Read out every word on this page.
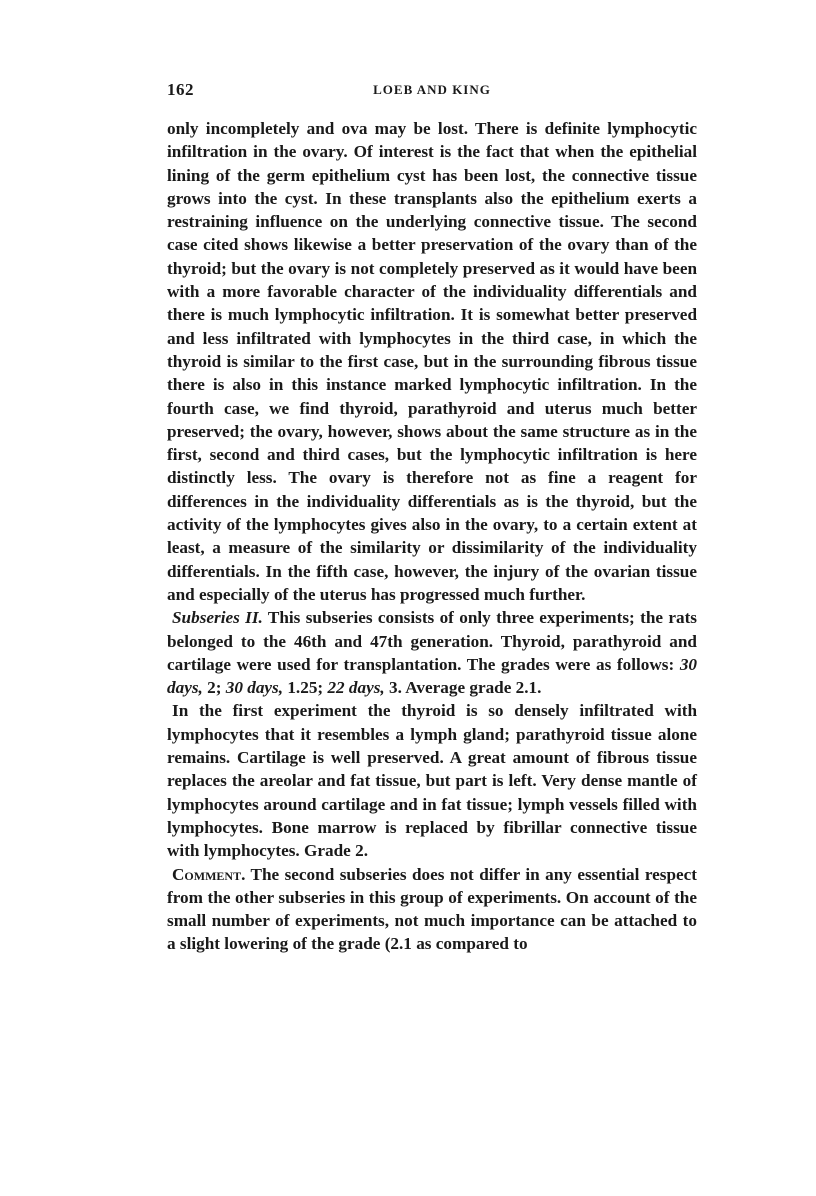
162	LOEB AND KING

only incompletely and ova may be lost. There is definite lymphocytic infiltration in the ovary. Of interest is the fact that when the epithelial lining of the germ epithelium cyst has been lost, the connective tissue grows into the cyst. In these transplants also the epithelium exerts a restraining influence on the underlying connective tissue. The second case cited shows likewise a better preservation of the ovary than of the thyroid; but the ovary is not completely preserved as it would have been with a more favorable character of the individuality differentials and there is much lymphocytic infiltration. It is somewhat better preserved and less infiltrated with lymphocytes in the third case, in which the thyroid is similar to the first case, but in the surrounding fibrous tissue there is also in this instance marked lymphocytic infiltration. In the fourth case, we find thyroid, parathyroid and uterus much better preserved; the ovary, however, shows about the same structure as in the first, second and third cases, but the lymphocytic infiltration is here distinctly less. The ovary is therefore not as fine a reagent for differences in the individuality differentials as is the thyroid, but the activity of the lymphocytes gives also in the ovary, to a certain extent at least, a measure of the similarity or dissimilarity of the individuality differentials. In the fifth case, however, the injury of the ovarian tissue and especially of the uterus has progressed much further.

Subseries II. This subseries consists of only three experiments; the rats belonged to the 46th and 47th generation. Thyroid, parathyroid and cartilage were used for transplantation. The grades were as follows: 30 days, 2; 30 days, 1.25; 22 days, 3. Average grade 2.1.

In the first experiment the thyroid is so densely infiltrated with lymphocytes that it resembles a lymph gland; parathyroid tissue alone remains. Cartilage is well preserved. A great amount of fibrous tissue replaces the areolar and fat tissue, but part is left. Very dense mantle of lymphocytes around cartilage and in fat tissue; lymph vessels filled with lymphocytes. Bone marrow is replaced by fibrillar connective tissue with lymphocytes. Grade 2.

Comment. The second subseries does not differ in any essential respect from the other subseries in this group of experiments. On account of the small number of experiments, not much importance can be attached to a slight lowering of the grade (2.1 as compared to
